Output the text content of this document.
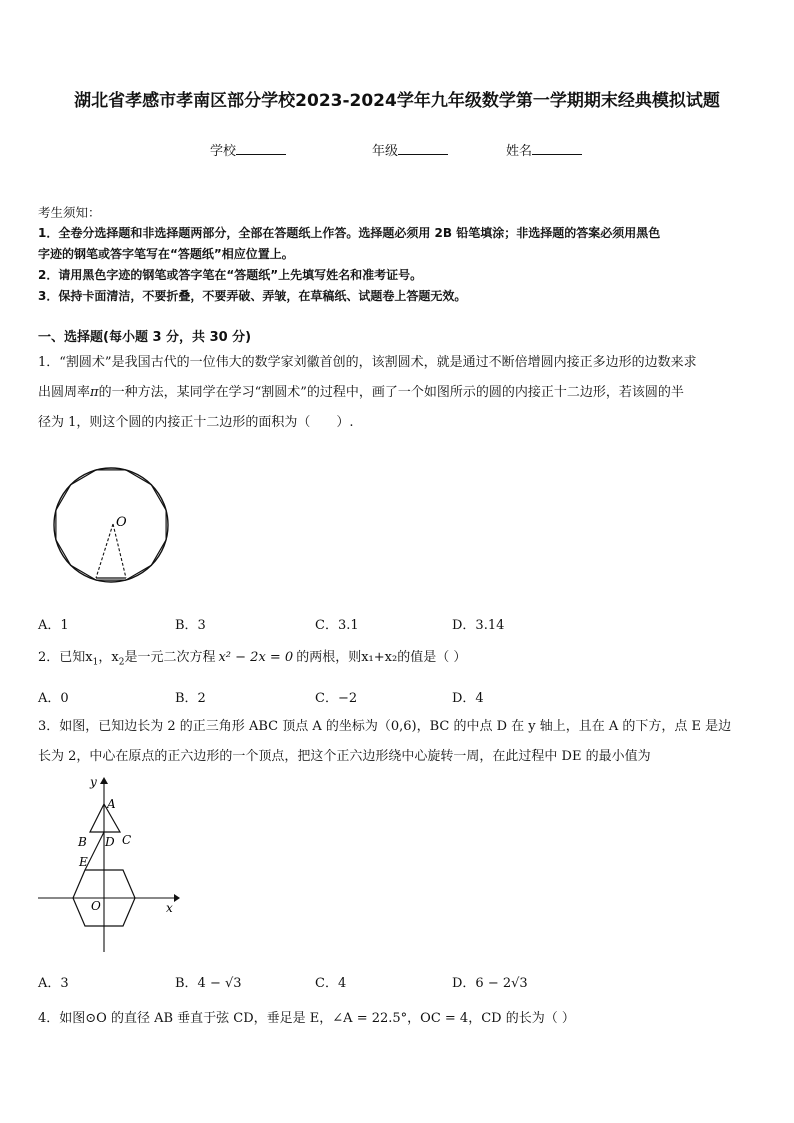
湖北省孝感市孝南区部分学校2023-2024学年九年级数学第一学期期末经典模拟试题
学校	年级	姓名
考生须知：
1．全卷分选择题和非选择题两部分，全部在答题纸上作答。选择题必须用 2B 铅笔填涂；非选择题的答案必须用黑色
字迹的钢笔或答字笔写在“答题纸”相应位置上。
2．请用黑色字迹的钢笔或答字笔在“答题纸”上先填写姓名和准考证号。
3．保持卡面清洁，不要折叠，不要弄破、弄皱，在草稿纸、试题卷上答题无效。
一、选择题(每小题 3 分，共 30 分)
1．“割圆术”是我国古代的一位伟大的数学家刘徽首创的，该割圆术，就是通过不断倍增圆内接正多边形的边数来求
出圆周率π的一种方法，某同学在学习“割圆术”的过程中，画了一个如图所示的圆的内接正十二边形，若该圆的半
径为 1，则这个圆的内接正十二边形的面积为（　　）.
O
A．1	B．3	C．3.1	D．3.14
2．已知$x_1$，$x_2$是一元二次方程 x² − 2x = 0 的两根，则x₁+x₂的值是（ ）
A．0	B．2	C．−2	D．4
3．如图，已知边长为 2 的正三角形 ABC 顶点 A 的坐标为（0,6)，BC 的中点 D 在 y 轴上，且在 A 的下方，点 E 是边
长为 2，中心在原点的正六边形的一个顶点，把这个正六边形绕中心旋转一周，在此过程中 DE 的最小值为
A
B	C
D
E
O
y
x
A．3	B．4 − √3	C．4	D．6 − 2√3
4．如图⊙O 的直径 AB 垂直于弦 CD，垂足是 E，∠A = 22.5°，OC = 4，CD 的长为（ ）
